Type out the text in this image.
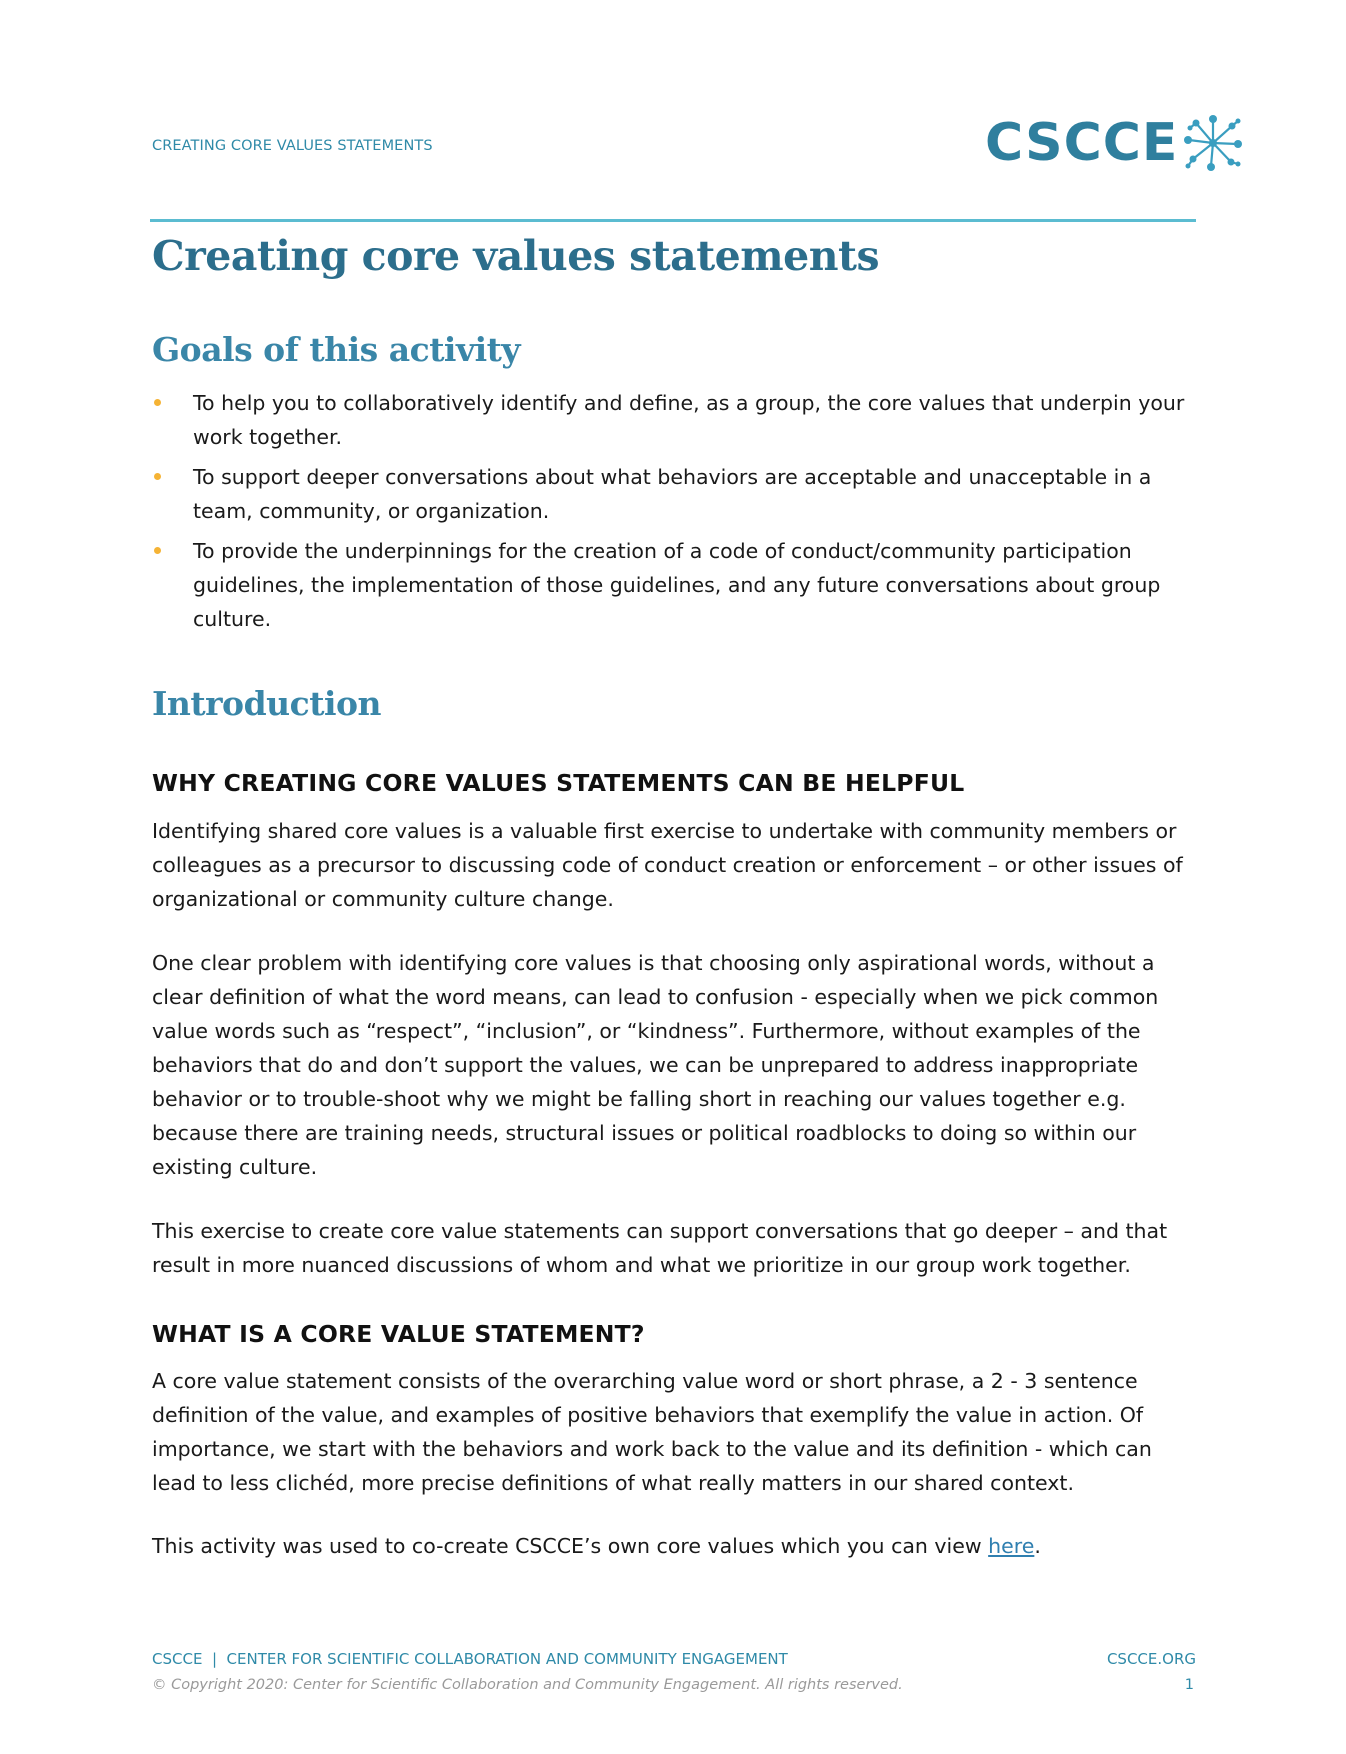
CREATING CORE VALUES STATEMENTS	CSCCE
Creating core values statements
Goals of this activity
To help you to collaboratively identify and define, as a group, the core values that underpin your work together.
To support deeper conversations about what behaviors are acceptable and unacceptable in a team, community, or organization.
To provide the underpinnings for the creation of a code of conduct/community participation guidelines, the implementation of those guidelines, and any future conversations about group culture.
Introduction
WHY CREATING CORE VALUES STATEMENTS CAN BE HELPFUL

Identifying shared core values is a valuable first exercise to undertake with community members or colleagues as a precursor to discussing code of conduct creation or enforcement – or other issues of organizational or community culture change.

One clear problem with identifying core values is that choosing only aspirational words, without a clear definition of what the word means, can lead to confusion - especially when we pick common value words such as “respect”, “inclusion”, or “kindness”. Furthermore, without examples of the behaviors that do and don’t support the values, we can be unprepared to address inappropriate behavior or to trouble-shoot why we might be falling short in reaching our values together e.g. because there are training needs, structural issues or political roadblocks to doing so within our existing culture.

This exercise to create core value statements can support conversations that go deeper – and that result in more nuanced discussions of whom and what we prioritize in our group work together.

WHAT IS A CORE VALUE STATEMENT?

A core value statement consists of the overarching value word or short phrase, a 2 - 3 sentence definition of the value, and examples of positive behaviors that exemplify the value in action. Of importance, we start with the behaviors and work back to the value and its definition - which can lead to less clichéd, more precise definitions of what really matters in our shared context.

This activity was used to co-create CSCCE’s own core values which you can view here.

CSCCE  |  CENTER FOR SCIENTIFIC COLLABORATION AND COMMUNITY ENGAGEMENT	CSCCE.ORG
© Copyright 2020: Center for Scientific Collaboration and Community Engagement. All rights reserved.	1
